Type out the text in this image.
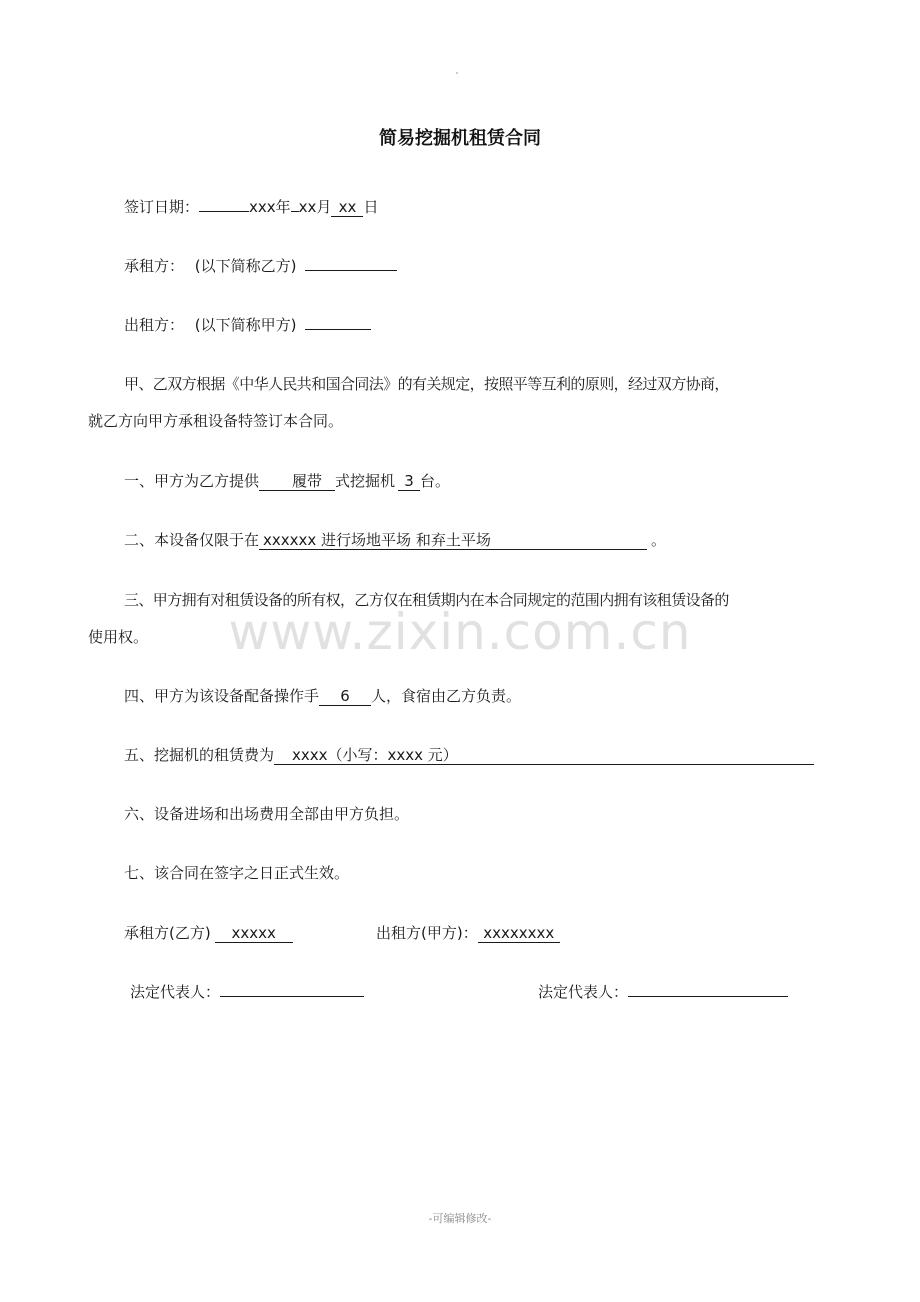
简易挖掘机租赁合同
签订日期：	xxx年 xx月 xx 日
承租方： (以下简称乙方)
出租方： (以下简称甲方)
甲、乙双方根据《中华人民共和国合同法》的有关规定，按照平等互利的原则，经过双方协商，
就乙方向甲方承租设备特签订本合同。
一、甲方为乙方提供 履带 式挖掘机 3 台。
二、本设备仅限于在 xxxxxx 进行场地平场 和弃土平场	。
三、甲方拥有对租赁设备的所有权，乙方仅在租赁期内在本合同规定的范围内拥有该租赁设备的
www.zixin.com.cn
使用权。
四、甲方为该设备配备操作手 6 人，食宿由乙方负责。
五、挖掘机的租赁费为 xxxx（小写：xxxx 元）
六、设备进场和出场费用全部由甲方负担。
七、该合同在签字之日正式生效。
承租方(乙方) xxxxx	出租方(甲方)： xxxxxxxx
法定代表人：	法定代表人：
-可编辑修改-
